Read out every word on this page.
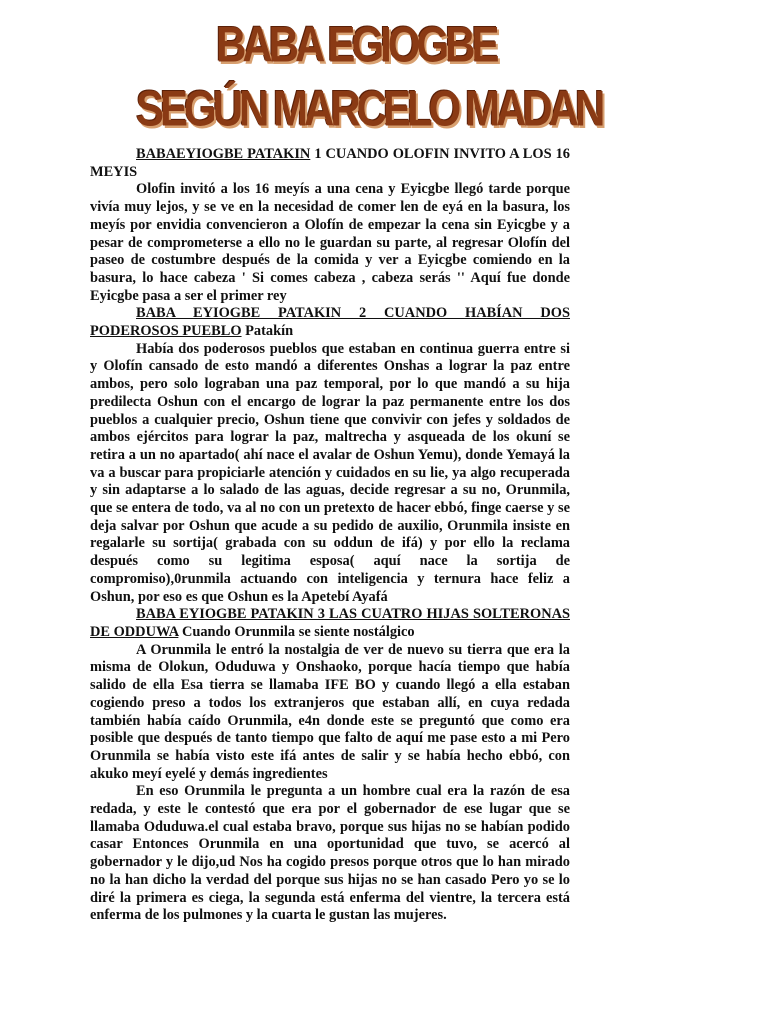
BABA EGIOGBE
SEGÚN MARCELO MADAN

BABAEYIOGBE PATAKIN 1 CUANDO OLOFIN INVITO A LOS 16 MEYIS

Olofin invitó a los 16 meyís a una cena y Eyicgbe llegó tarde porque vivía muy lejos, y se ve en la necesidad de comer len de eyá en la basura, los meyís por envidia convencieron a Olofín de empezar la cena sin Eyicgbe y a pesar de comprometerse a ello no le guardan su parte, al regresar Olofín del paseo de costumbre después de la comida y ver a Eyicgbe comiendo en la basura, lo hace cabeza ' Si comes cabeza , cabeza serás '' Aquí fue donde Eyicgbe pasa a ser el primer rey

BABA EYIOGBE PATAKIN 2 CUANDO HABÍAN DOS PODEROSOS PUEBLO Patakín

Había dos poderosos pueblos que estaban en continua guerra entre si y Olofín cansado de esto mandó a diferentes Onshas a lograr la paz entre ambos, pero solo lograban una paz temporal, por lo que mandó a su hija predilecta Oshun con el encargo de lograr la paz permanente entre los dos pueblos a cualquier precio, Oshun tiene que convivir con jefes y soldados de ambos ejércitos para lograr la paz, maltrecha y asqueada de los okuní se retira a un no apartado( ahí nace el avalar de Oshun Yemu), donde Yemayá la va a buscar para propiciarle atención y cuidados en su lie, ya algo recuperada y sin adaptarse a lo salado de las aguas, decide regresar a su no, Orunmila, que se entera de todo, va al no con un pretexto de hacer ebbó, finge caerse y se deja salvar por Oshun que acude a su pedido de auxilio, Orunmila insiste en regalarle su sortija( grabada con su oddun de ifá) y por ello la reclama después como su legitima esposa( aquí nace la sortija de compromiso),0runmila actuando con inteligencia y ternura hace feliz a Oshun, por eso es que Oshun es la Apetebí Ayafá

BABA EYIOGBE PATAKIN 3 LAS CUATRO HIJAS SOLTERONAS DE ODDUWA Cuando Orunmila se siente nostálgico

A Orunmila le entró la nostalgia de ver de nuevo su tierra que era la misma de Olokun, Oduduwa y Onshaoko, porque hacía tiempo que había salido de ella Esa tierra se llamaba IFE BO y cuando llegó a ella estaban cogiendo preso a todos los extranjeros que estaban allí, en cuya redada también había caído Orunmila, e4n donde este se preguntó que como era posible que después de tanto tiempo que falto de aquí me pase esto a mi Pero Orunmila se había visto este ifá antes de salir y se había hecho ebbó, con akuko meyí eyelé y demás ingredientes

En eso Orunmila le pregunta a un hombre cual era la razón de esa redada, y este le contestó que era por el gobernador de ese lugar que se llamaba Oduduwa.el cual estaba bravo, porque sus hijas no se habían podido casar Entonces Orunmila en una oportunidad que tuvo, se acercó al gobernador y le dijo,ud Nos ha cogido presos porque otros que lo han mirado no la han dicho la verdad del porque sus hijas no se han casado Pero yo se lo diré la primera es ciega, la segunda está enferma del vientre, la tercera está enferma de los pulmones y la cuarta le gustan las mujeres.
